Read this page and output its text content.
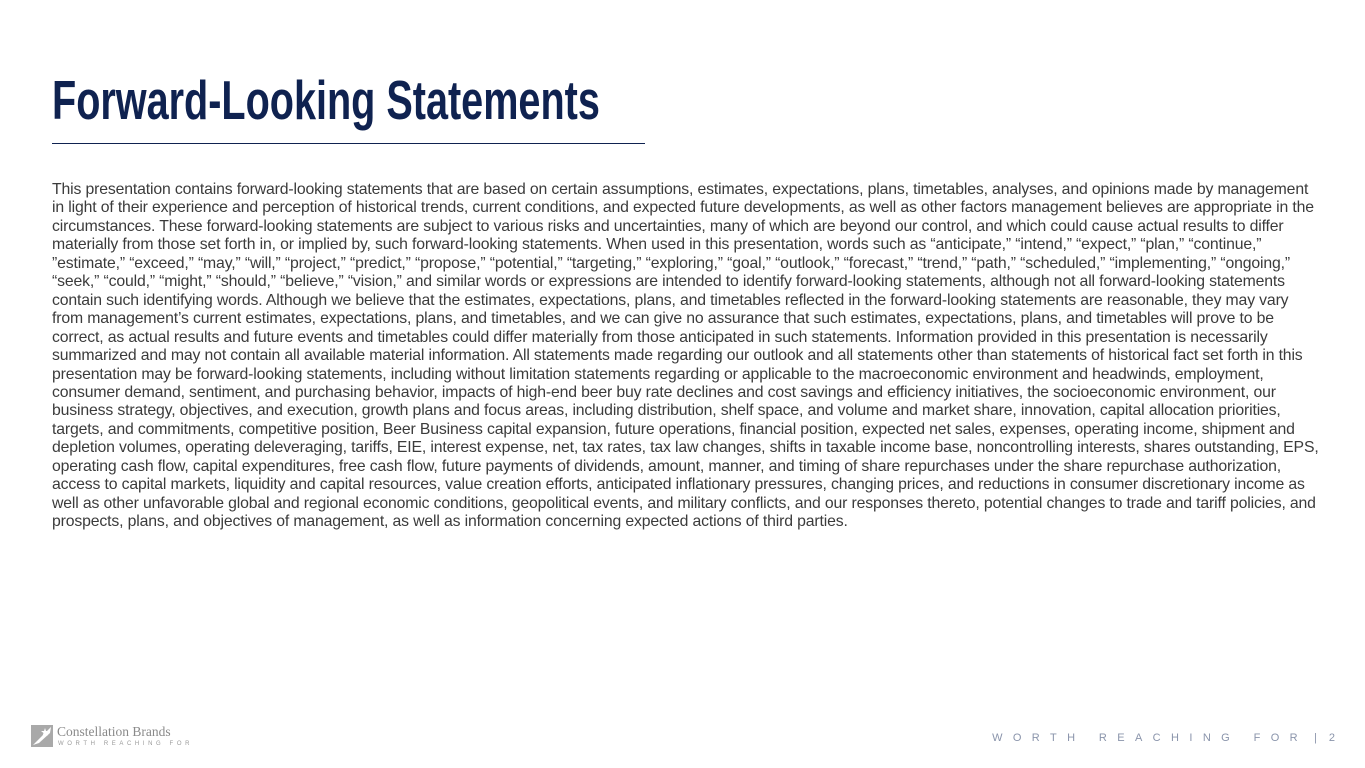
Forward-Looking Statements

This presentation contains forward-looking statements that are based on certain assumptions, estimates, expectations, plans, timetables, analyses, and opinions made by management in light of their experience and perception of historical trends, current conditions, and expected future developments, as well as other factors management believes are appropriate in the circumstances. These forward-looking statements are subject to various risks and uncertainties, many of which are beyond our control, and which could cause actual results to differ materially from those set forth in, or implied by, such forward-looking statements. When used in this presentation, words such as “anticipate,” “intend,” “expect,” “plan,” “continue,” ”estimate,” “exceed,” “may,” “will,” “project,” “predict,” “propose,” “potential,” “targeting,” “exploring,” “goal,” “outlook,” “forecast,” “trend,” “path,” “scheduled,” “implementing,” “ongoing,” “seek,” “could,” “might,” “should,” “believe,” “vision,” and similar words or expressions are intended to identify forward-looking statements, although not all forward-looking statements contain such identifying words. Although we believe that the estimates, expectations, plans, and timetables reflected in the forward-looking statements are reasonable, they may vary from management’s current estimates, expectations, plans, and timetables, and we can give no assurance that such estimates, expectations, plans, and timetables will prove to be correct, as actual results and future events and timetables could differ materially from those anticipated in such statements. Information provided in this presentation is necessarily summarized and may not contain all available material information. All statements made regarding our outlook and all statements other than statements of historical fact set forth in this presentation may be forward-looking statements, including without limitation statements regarding or applicable to the macroeconomic environment and headwinds, employment, consumer demand, sentiment, and purchasing behavior, impacts of high-end beer buy rate declines and cost savings and efficiency initiatives, the socioeconomic environment, our business strategy, objectives, and execution, growth plans and focus areas, including distribution, shelf space, and volume and market share, innovation, capital allocation priorities, targets, and commitments, competitive position, Beer Business capital expansion, future operations, financial position, expected net sales, expenses, operating income, shipment and depletion volumes, operating deleveraging, tariffs, EIE, interest expense, net, tax rates, tax law changes, shifts in taxable income base, noncontrolling interests, shares outstanding, EPS, operating cash flow, capital expenditures, free cash flow, future payments of dividends, amount, manner, and timing of share repurchases under the share repurchase authorization, access to capital markets, liquidity and capital resources, value creation efforts, anticipated inflationary pressures, changing prices, and reductions in consumer discretionary income as well as other unfavorable global and regional economic conditions, geopolitical events, and military conflicts, and our responses thereto, potential changes to trade and tariff policies, and prospects, plans, and objectives of management, as well as information concerning expected actions of third parties.

Constellation Brands
WORTH REACHING FOR	WORTH REACHING FOR | 2
